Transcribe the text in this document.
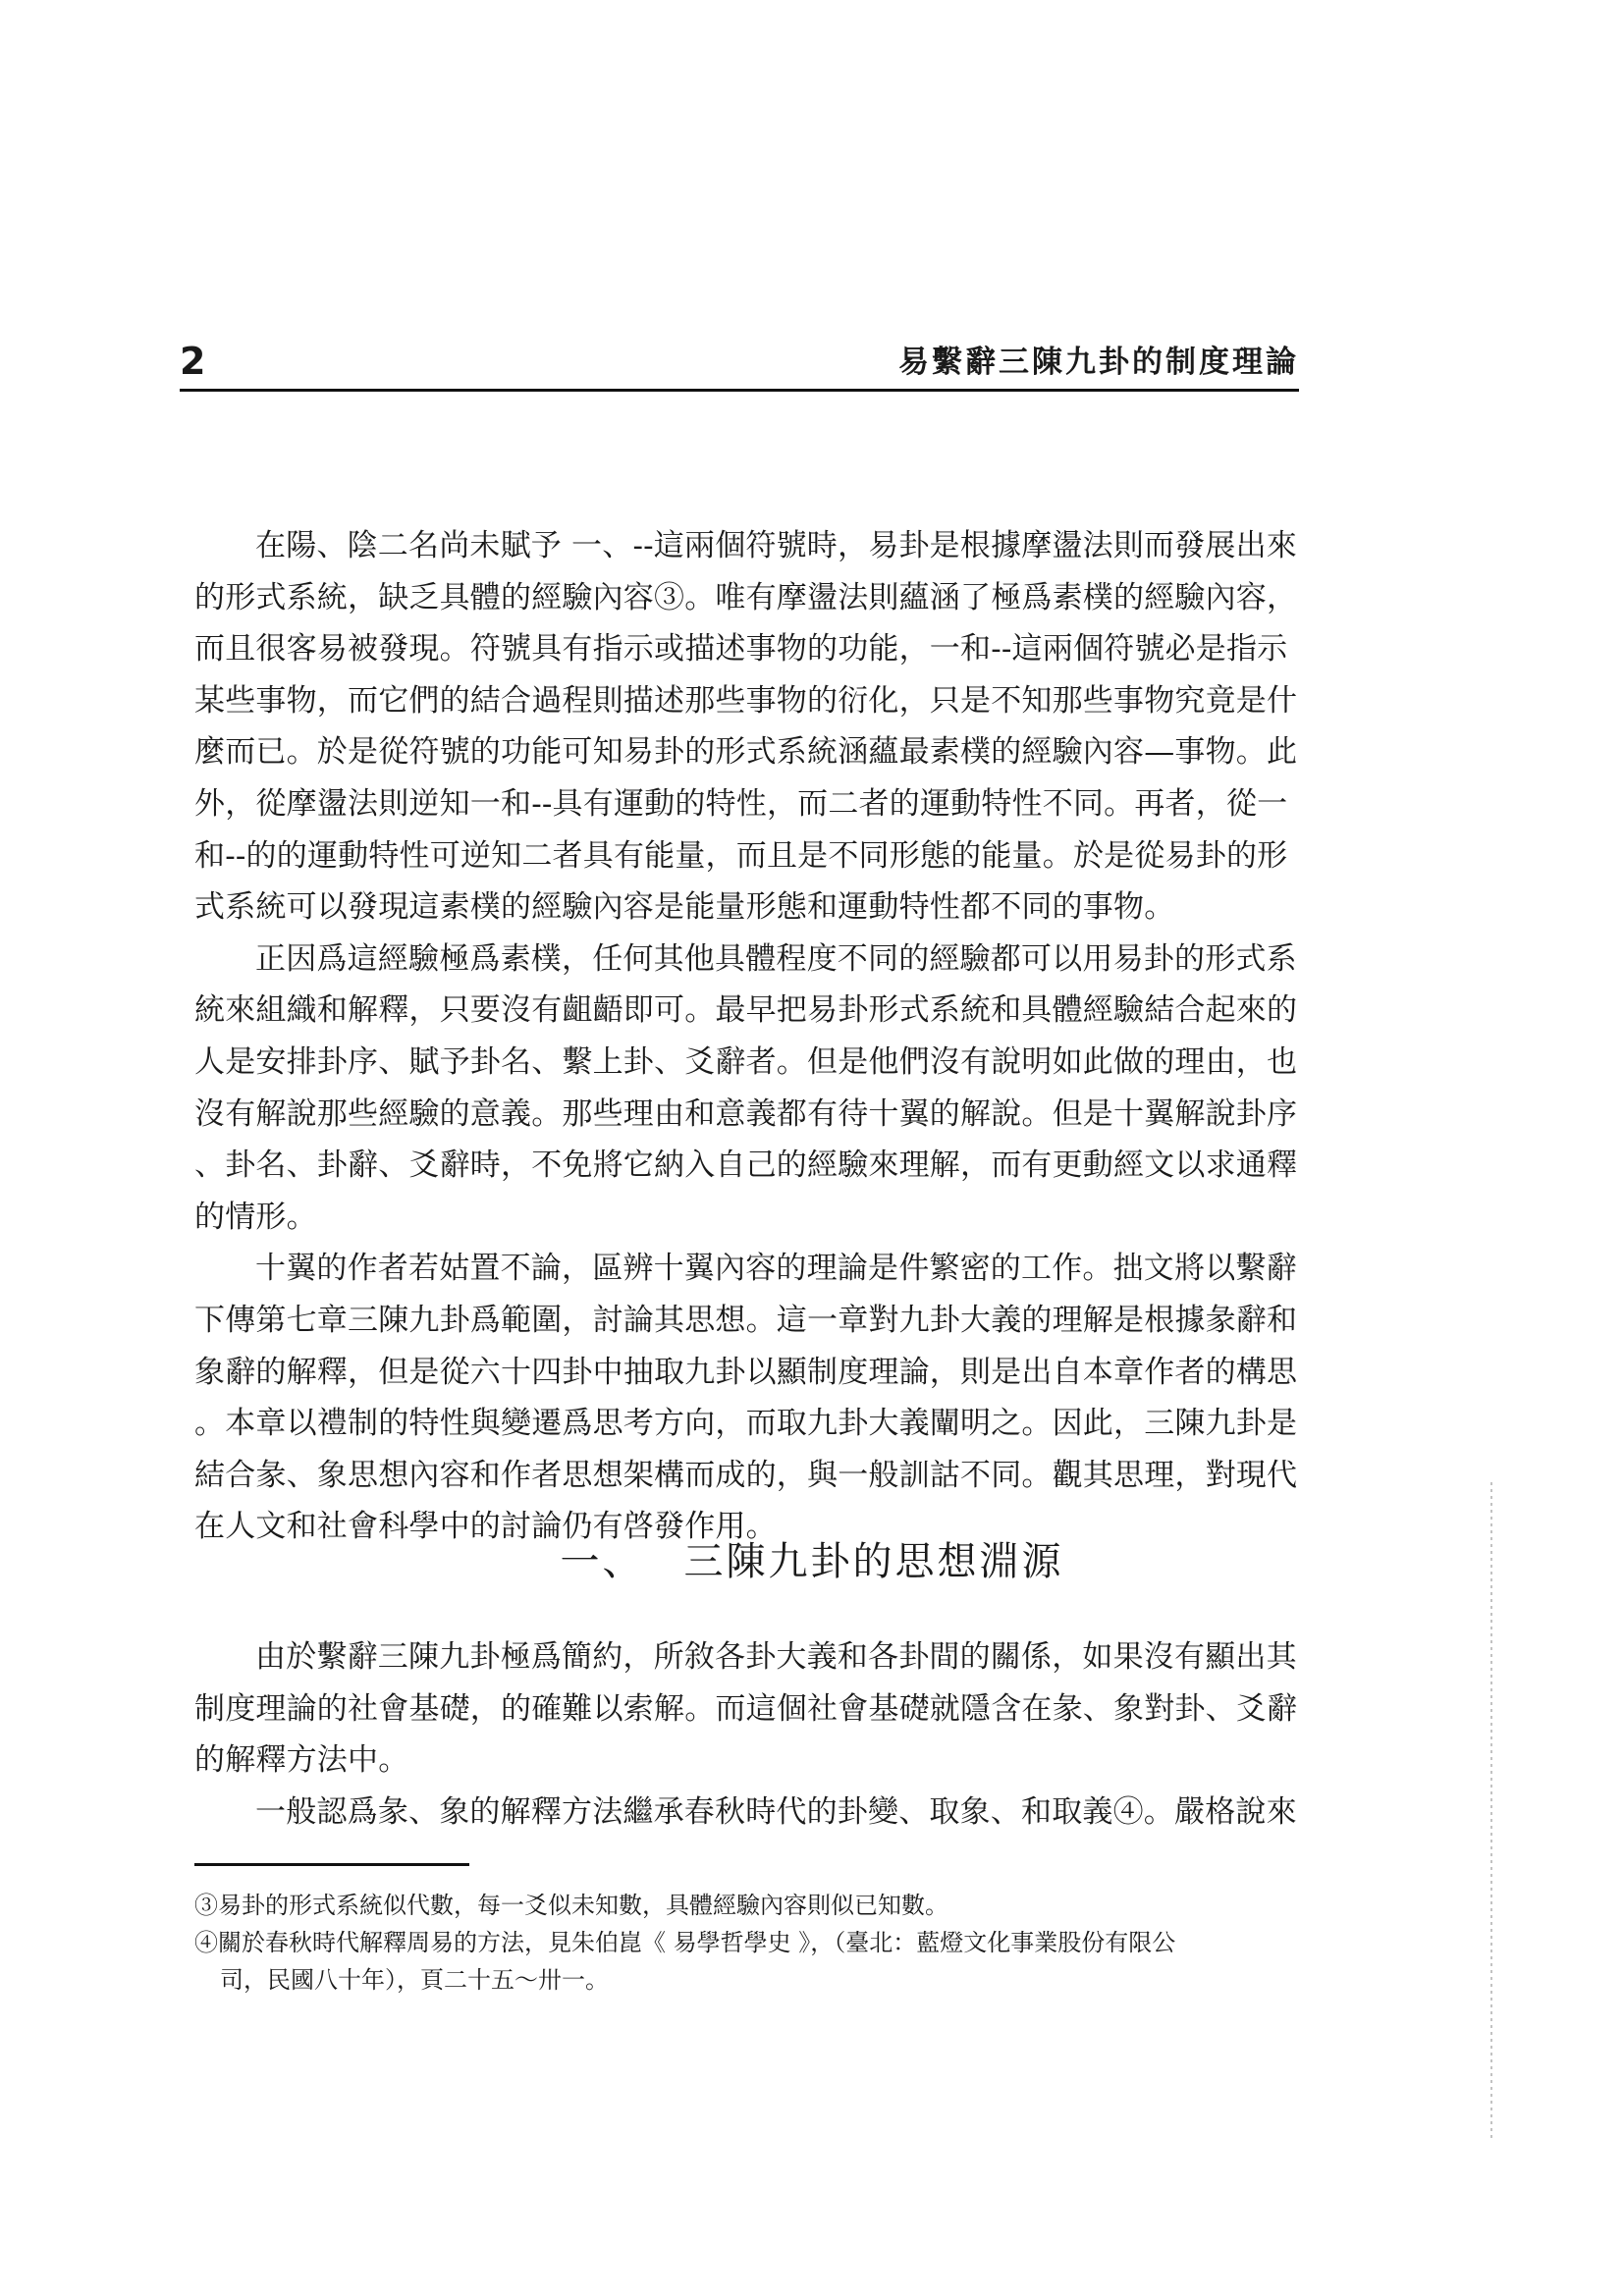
2	易繫辭三陳九卦的制度理論

在陽、陰二名尚未賦予 一、--這兩個符號時，易卦是根據摩盪法則而發展出來
的形式系統，缺乏具體的經驗內容③。唯有摩盪法則蘊涵了極爲素樸的經驗內容，
而且很客易被發現。符號具有指示或描述事物的功能，一和--這兩個符號必是指示
某些事物，而它們的結合過程則描述那些事物的衍化，只是不知那些事物究竟是什
麼而已。於是從符號的功能可知易卦的形式系統涵蘊最素樸的經驗內容—事物。此
外，從摩盪法則逆知一和--具有運動的特性，而二者的運動特性不同。再者，從一
和--的的運動特性可逆知二者具有能量，而且是不同形態的能量。於是從易卦的形
式系統可以發現這素樸的經驗內容是能量形態和運動特性都不同的事物。

正因爲這經驗極爲素樸，任何其他具體程度不同的經驗都可以用易卦的形式系
統來組織和解釋，只要沒有齟齬即可。最早把易卦形式系統和具體經驗結合起來的
人是安排卦序、賦予卦名、繫上卦、爻辭者。但是他們沒有說明如此做的理由，也
沒有解說那些經驗的意義。那些理由和意義都有待十翼的解說。但是十翼解說卦序
、卦名、卦辭、爻辭時，不免將它納入自己的經驗來理解，而有更動經文以求通釋
的情形。

十翼的作者若姑置不論，區辨十翼內容的理論是件繁密的工作。拙文將以繫辭
下傳第七章三陳九卦爲範圍，討論其思想。這一章對九卦大義的理解是根據彖辭和
象辭的解釋，但是從六十四卦中抽取九卦以顯制度理論，則是出自本章作者的構思
。本章以禮制的特性與變遷爲思考方向，而取九卦大義闡明之。因此，三陳九卦是
結合彖、象思想內容和作者思想架構而成的，與一般訓詁不同。觀其思理，對現代
在人文和社會科學中的討論仍有啓發作用。

一、 三陳九卦的思想淵源

由於繫辭三陳九卦極爲簡約，所敘各卦大義和各卦間的關係，如果沒有顯出其
制度理論的社會基礎，的確難以索解。而這個社會基礎就隱含在彖、象對卦、爻辭
的解釋方法中。

一般認爲彖、象的解釋方法繼承春秋時代的卦變、取象、和取義④。嚴格說來

③易卦的形式系統似代數，每一爻似未知數，具體經驗內容則似已知數。
④關於春秋時代解釋周易的方法，見朱伯崑《 易學哲學史 》，（臺北：藍燈文化事業股份有限公
司，民國八十年），頁二十五～卅一。
